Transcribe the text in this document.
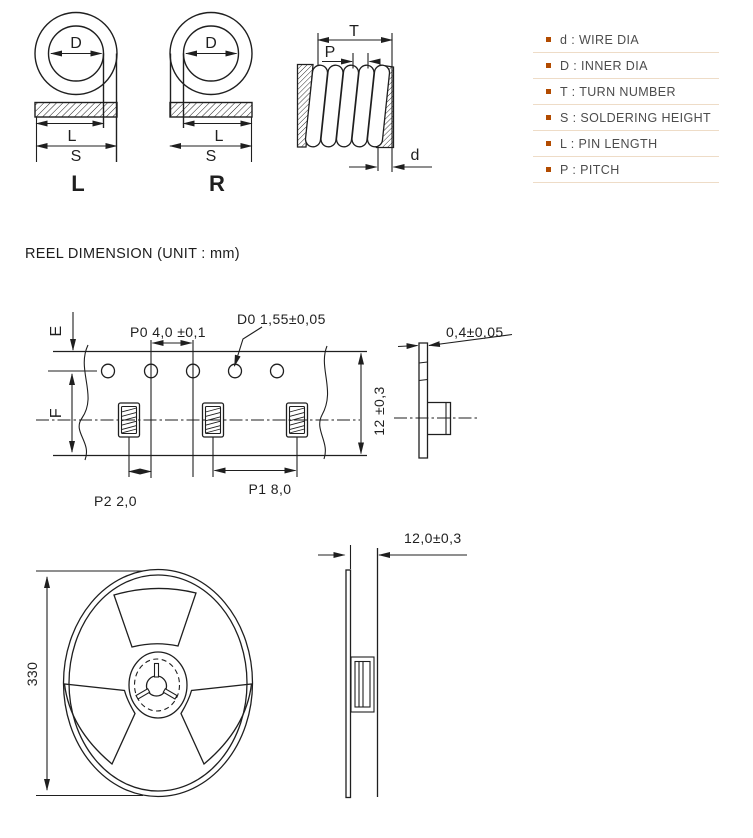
D
L
S
L
D
L
S
R
T
P
d
P0 4,0 ±0,1
D0 1,55±0,05
E
F
P2 2,0
P1 8,0
12 ±0,3
0,4±0,05
330
12,0±0,3
d : WIRE DIA
D : INNER DIA
T : TURN NUMBER
S : SOLDERING HEIGHT
L : PIN LENGTH
P : PITCH
REEL DIMENSION (UNIT : mm)
